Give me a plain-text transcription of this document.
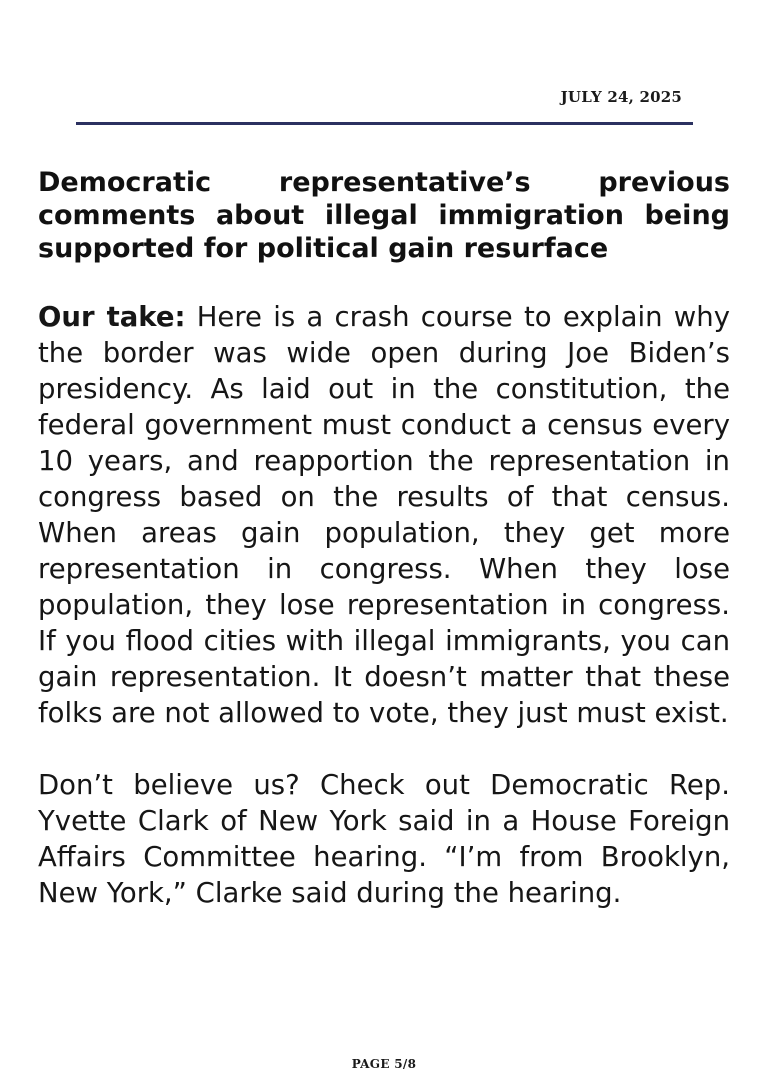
JULY 24, 2025
Democratic representative’s previous comments about illegal immigration being supported for political gain resurface

Our take: Here is a crash course to explain why the border was wide open during Joe Biden’s presidency. As laid out in the constitution, the federal government must conduct a census every 10 years, and reapportion the representation in congress based on the results of that census. When areas gain population, they get more representation in congress. When they lose population, they lose representation in congress. If you flood cities with illegal immigrants, you can gain representation. It doesn’t matter that these folks are not allowed to vote, they just must exist.

Don’t believe us? Check out Democratic Rep. Yvette Clark of New York said in a House Foreign Affairs Committee hearing. “I’m from Brooklyn, New York,” Clarke said during the hearing.

PAGE 5/8
